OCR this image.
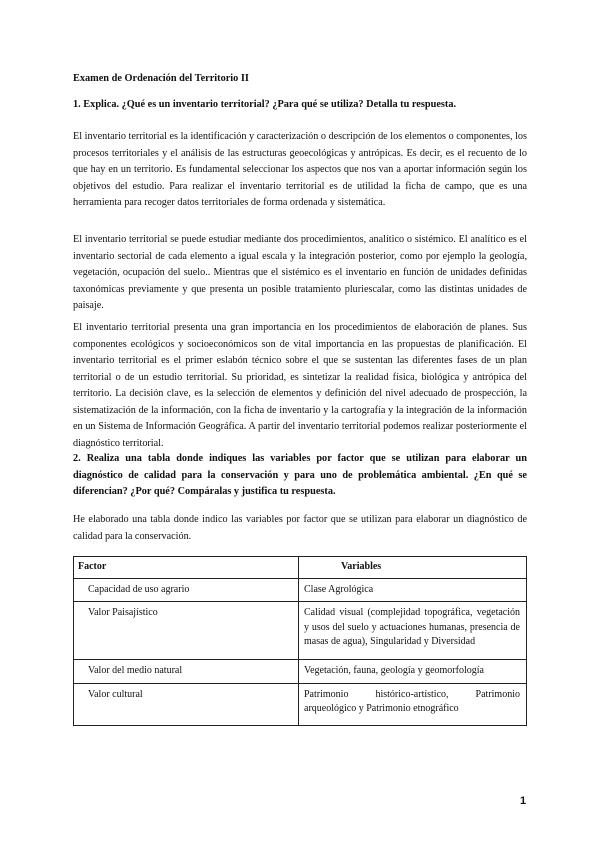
Examen de Ordenación del Territorio II
1. Explica. ¿Qué es un inventario territorial? ¿Para qué se utiliza? Detalla tu respuesta.
El inventario territorial es la identificación y caracterización o descripción de los elementos o componentes, los procesos territoriales y el análisis de las estructuras geoecológicas y antrópicas. Es decir, es el recuento de lo que hay en un territorio. Es fundamental seleccionar los aspectos que nos van a aportar información según los objetivos del estudio. Para realizar el inventario territorial es de utilidad la ficha de campo, que es una herramienta para recoger datos territoriales de forma ordenada y sistemática.
El inventario territorial se puede estudiar mediante dos procedimientos, analítico o sistémico. El analítico es el inventario sectorial de cada elemento a igual escala y la integración posterior, como por ejemplo la geología, vegetación, ocupación del suelo.. Mientras que el sistémico es el inventario en función de unidades definidas taxonómicas previamente y que presenta un posible tratamiento pluriescalar, como las distintas unidades de paisaje.
El inventario territorial presenta una gran importancia en los procedimientos de elaboración de planes. Sus componentes ecológicos y socioeconómicos son de vital importancia en las propuestas de planificación. El inventario territorial es el primer eslabón técnico sobre el que se sustentan las diferentes fases de un plan territorial o de un estudio territorial. Su prioridad, es sintetizar la realidad física, biológica y antrópica del territorio. La decisión clave, es la selección de elementos y definición del nivel adecuado de prospección, la sistematización de la información, con la ficha de inventario y la cartografía y la integración de la información en un Sistema de Información Geográfica. A partir del inventario territorial podemos realizar posteriormente el diagnóstico territorial.
2. Realiza una tabla donde indiques las variables por factor que se utilizan para elaborar un diagnóstico de calidad para la conservación y para uno de problemática ambiental. ¿En qué se diferencian? ¿Por qué? Compáralas y justifica tu respuesta.
He elaborado una tabla donde indico las variables por factor que se utilizan para elaborar un diagnóstico de calidad para la conservación.
Factor	Variables
Capacidad de uso agrario	Clase Agrológica
Valor Paisajístico	Calidad visual (complejidad topográfica, vegetación y usos del suelo y actuaciones humanas, presencia de masas de agua), Singularidad y Diversidad
Valor del medio natural	Vegetación, fauna, geología y geomorfología
Valor cultural	Patrimonio histórico-artístico, Patrimonio arqueológico y Patrimonio etnográfico
1
